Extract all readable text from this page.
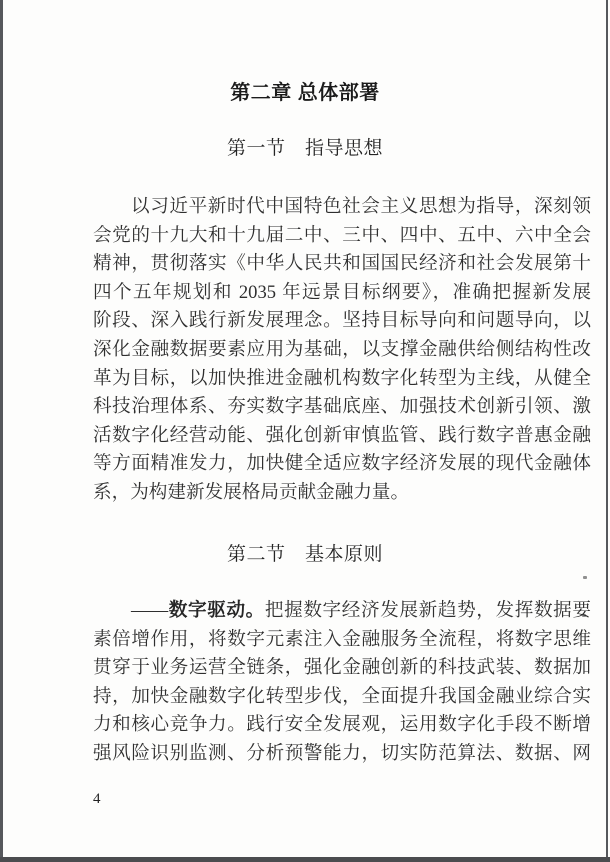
第二章 总体部署
第一节　指导思想
以习近平新时代中国特色社会主义思想为指导，深刻领
会党的十九大和十九届二中、三中、四中、五中、六中全会
精神，贯彻落实《中华人民共和国国民经济和社会发展第十
四个五年规划和 2035 年远景目标纲要》，准确把握新发展
阶段、深入践行新发展理念。坚持目标导向和问题导向，以
深化金融数据要素应用为基础，以支撑金融供给侧结构性改
革为目标，以加快推进金融机构数字化转型为主线，从健全
科技治理体系、夯实数字基础底座、加强技术创新引领、激
活数字化经营动能、强化创新审慎监管、践行数字普惠金融
等方面精准发力，加快健全适应数字经济发展的现代金融体
系，为构建新发展格局贡献金融力量。
第二节　基本原则
——数字驱动。把握数字经济发展新趋势，发挥数据要
素倍增作用，将数字元素注入金融服务全流程，将数字思维
贯穿于业务运营全链条，强化金融创新的科技武装、数据加
持，加快金融数字化转型步伐，全面提升我国金融业综合实
力和核心竞争力。践行安全发展观，运用数字化手段不断增
强风险识别监测、分析预警能力，切实防范算法、数据、网
4
